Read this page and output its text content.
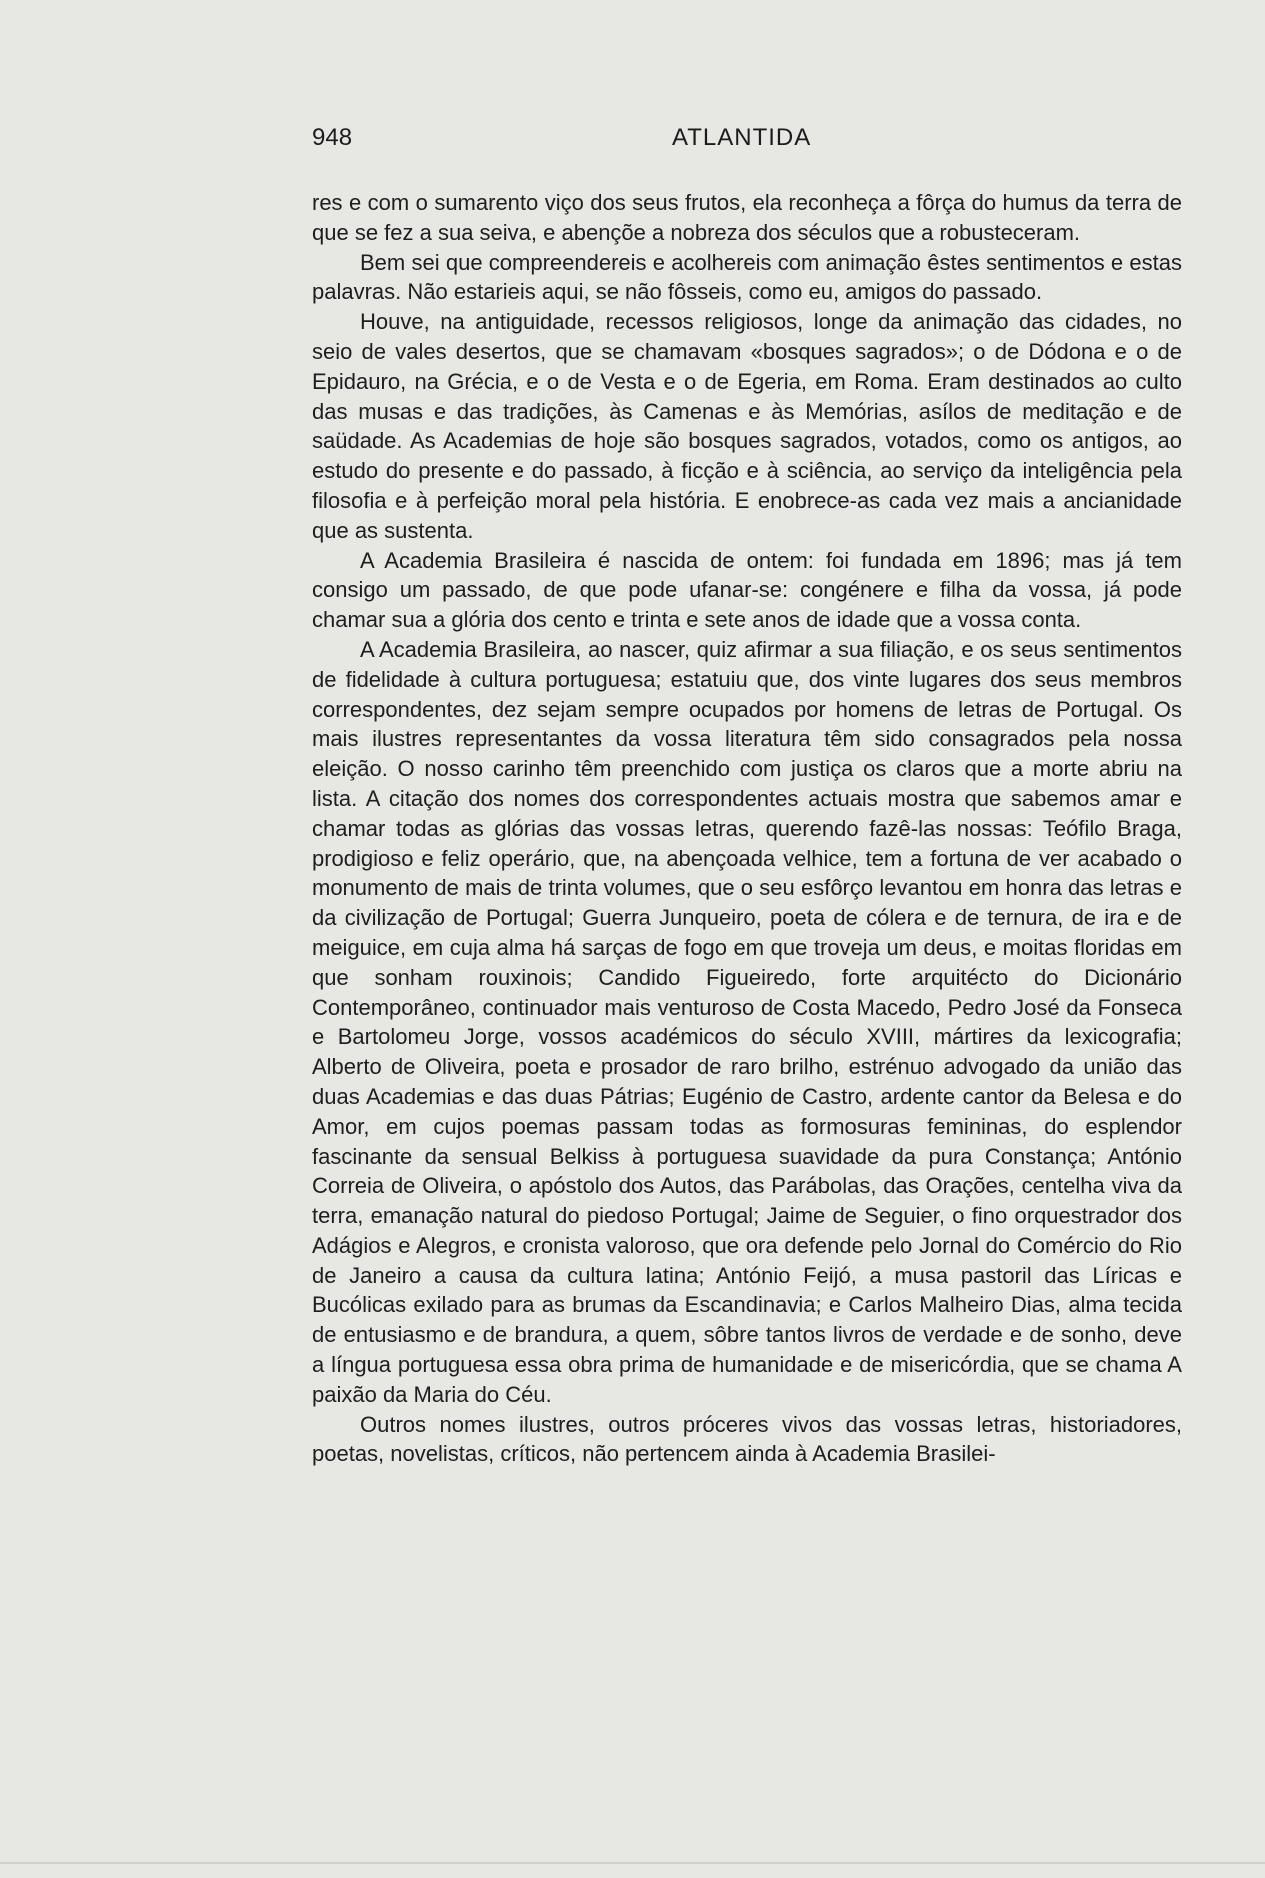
948	ATLANTIDA

res e com o sumarento viço dos seus frutos, ela reconheça a fôrça do humus da terra de que se fez a sua seiva, e abençõe a nobreza dos séculos que a robusteceram.

Bem sei que compreendereis e acolhereis com animação êstes sentimentos e estas palavras. Não estarieis aqui, se não fôsseis, como eu, amigos do passado.

Houve, na antiguidade, recessos religiosos, longe da animação das cidades, no seio de vales desertos, que se chamavam «bosques sagrados»; o de Dódona e o de Epidauro, na Grécia, e o de Vesta e o de Egeria, em Roma. Eram destinados ao culto das musas e das tradições, às Camenas e às Memórias, asílos de meditação e de saüdade. As Academias de hoje são bosques sagrados, votados, como os antigos, ao estudo do presente e do passado, à ficção e à sciência, ao serviço da inteligência pela filosofia e à perfeição moral pela história. E enobrece-as cada vez mais a ancianidade que as sustenta.

A Academia Brasileira é nascida de ontem: foi fundada em 1896; mas já tem consigo um passado, de que pode ufanar-se: congénere e filha da vossa, já pode chamar sua a glória dos cento e trinta e sete anos de idade que a vossa conta.

A Academia Brasileira, ao nascer, quiz afirmar a sua filiação, e os seus sentimentos de fidelidade à cultura portuguesa; estatuiu que, dos vinte lugares dos seus membros correspondentes, dez sejam sempre ocupados por homens de letras de Portugal. Os mais ilustres representantes da vossa literatura têm sido consagrados pela nossa eleição. O nosso carinho têm preenchido com justiça os claros que a morte abriu na lista. A citação dos nomes dos correspondentes actuais mostra que sabemos amar e chamar todas as glórias das vossas letras, querendo fazê-las nossas: Teófilo Braga, prodigioso e feliz operário, que, na abençoada velhice, tem a fortuna de ver acabado o monumento de mais de trinta volumes, que o seu esfôrço levantou em honra das letras e da civilização de Portugal; Guerra Junqueiro, poeta de cólera e de ternura, de ira e de meiguice, em cuja alma há sarças de fogo em que troveja um deus, e moitas floridas em que sonham rouxinois; Candido Figueiredo, forte arquitécto do Dicionário Contemporâneo, continuador mais venturoso de Costa Macedo, Pedro José da Fonseca e Bartolomeu Jorge, vossos académicos do século XVIII, mártires da lexicografia; Alberto de Oliveira, poeta e prosador de raro brilho, estrénuo advogado da união das duas Academias e das duas Pátrias; Eugénio de Castro, ardente cantor da Belesa e do Amor, em cujos poemas passam todas as formosuras femininas, do esplendor fascinante da sensual Belkiss à portuguesa suavidade da pura Constança; António Correia de Oliveira, o apóstolo dos Autos, das Parábolas, das Orações, centelha viva da terra, emanação natural do piedoso Portugal; Jaime de Seguier, o fino orquestrador dos Adágios e Alegros, e cronista valoroso, que ora defende pelo Jornal do Comércio do Rio de Janeiro a causa da cultura latina; António Feijó, a musa pastoril das Líricas e Bucólicas exilado para as brumas da Escandinavia; e Carlos Malheiro Dias, alma tecida de entusiasmo e de brandura, a quem, sôbre tantos livros de verdade e de sonho, deve a língua portuguesa essa obra prima de humanidade e de misericórdia, que se chama A paixão da Maria do Céu.

Outros nomes ilustres, outros próceres vivos das vossas letras, historiadores, poetas, novelistas, críticos, não pertencem ainda à Academia Brasilei-
